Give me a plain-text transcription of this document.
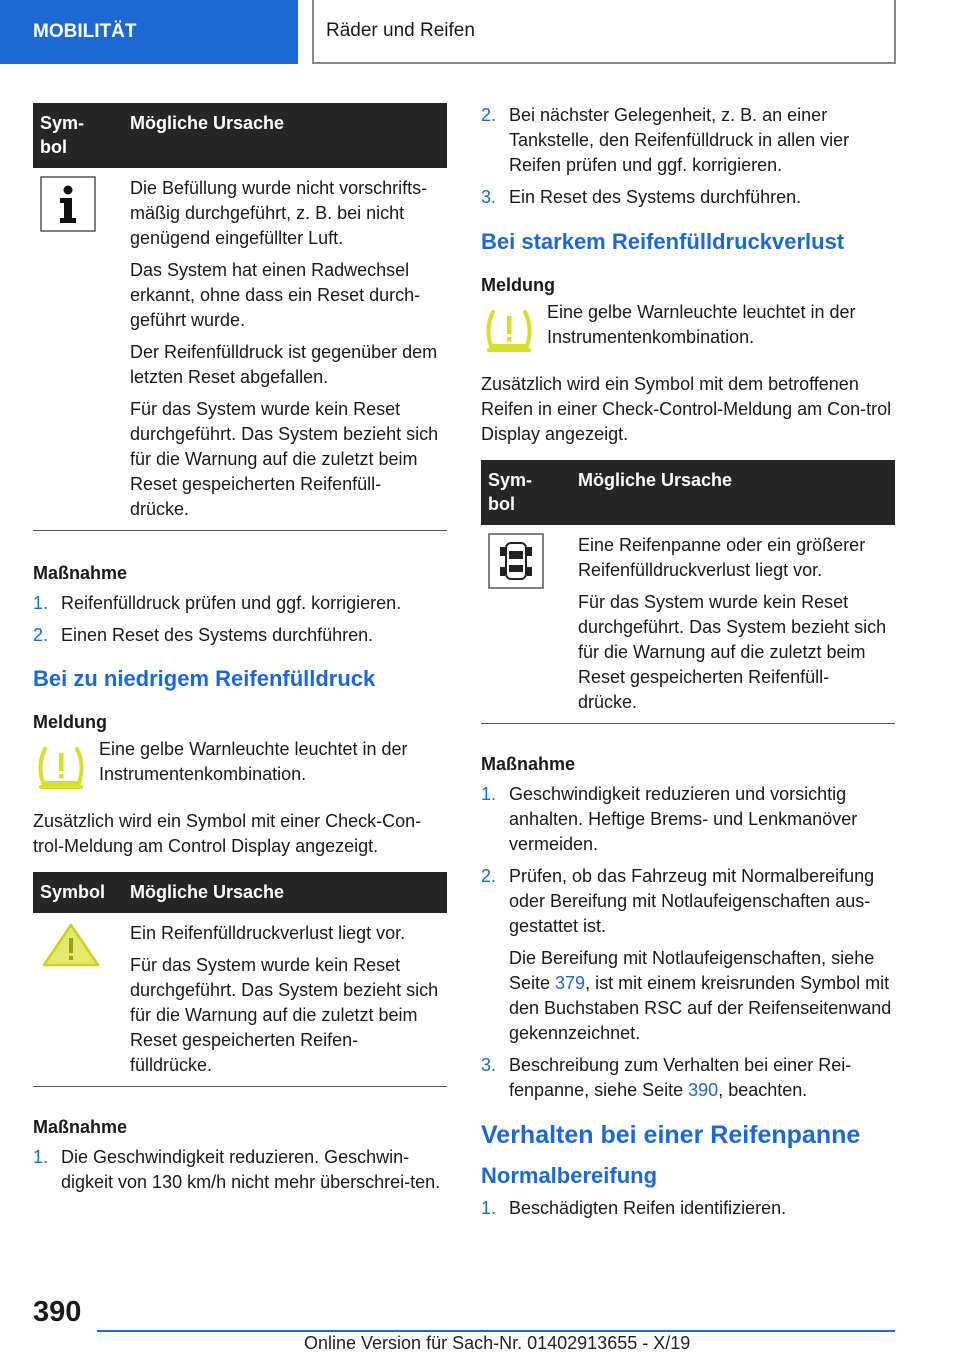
MOBILITÄT	Räder und Reifen
Sym-
bol	Mögliche Ursache

Die Befüllung wurde nicht vorschrifts-mäßig durchgeführt, z. B. bei nicht genügend eingefüllter Luft.

Das System hat einen Radwechsel erkannt, ohne dass ein Reset durch-geführt wurde.

Der Reifenfülldruck ist gegenüber dem letzten Reset abgefallen.

Für das System wurde kein Reset durchgeführt. Das System bezieht sich für die Warnung auf die zuletzt beim Reset gespeicherten Reifenfüll-drücke.

Maßnahme

1. Reifenfülldruck prüfen und ggf. korrigieren.
2. Einen Reset des Systems durchführen.

Bei zu niedrigem Reifenfülldruck

Meldung

Eine gelbe Warnleuchte leuchtet in der Instrumentenkombination.

Zusätzlich wird ein Symbol mit einer Check-Con-trol-Meldung am Control Display angezeigt.

Symbol	Mögliche Ursache

Ein Reifenfülldruckverlust liegt vor.

Für das System wurde kein Reset durchgeführt. Das System bezieht sich für die Warnung auf die zuletzt beim Reset gespeicherten Reifen-fülldrücke.

Maßnahme

1. Die Geschwindigkeit reduzieren. Geschwin-digkeit von 130 km/h nicht mehr überschrei-ten.
2. Bei nächster Gelegenheit, z. B. an einer Tankstelle, den Reifenfülldruck in allen vier Reifen prüfen und ggf. korrigieren.
3. Ein Reset des Systems durchführen.

Bei starkem Reifenfülldruckverlust

Meldung

Eine gelbe Warnleuchte leuchtet in der Instrumentenkombination.

Zusätzlich wird ein Symbol mit dem betroffenen Reifen in einer Check-Control-Meldung am Con-trol Display angezeigt.

Sym-
bol	Mögliche Ursache

Eine Reifenpanne oder ein größerer Reifenfülldruckverlust liegt vor.

Für das System wurde kein Reset durchgeführt. Das System bezieht sich für die Warnung auf die zuletzt beim Reset gespeicherten Reifenfüll-drücke.

Maßnahme

1. Geschwindigkeit reduzieren und vorsichtig anhalten. Heftige Brems- und Lenkmanöver vermeiden.
2. Prüfen, ob das Fahrzeug mit Normalbereifung oder Bereifung mit Notlaufeigenschaften aus-gestattet ist.

Die Bereifung mit Notlaufeigenschaften, siehe Seite 379, ist mit einem kreisrunden Symbol mit den Buchstaben RSC auf der Reifenseitenwand gekennzeichnet.

3. Beschreibung zum Verhalten bei einer Rei-fenpanne, siehe Seite 390, beachten.

Verhalten bei einer Reifenpanne

Normalbereifung

1. Beschädigten Reifen identifizieren.
390
Online Version für Sach-Nr. 01402913655 - X/19
